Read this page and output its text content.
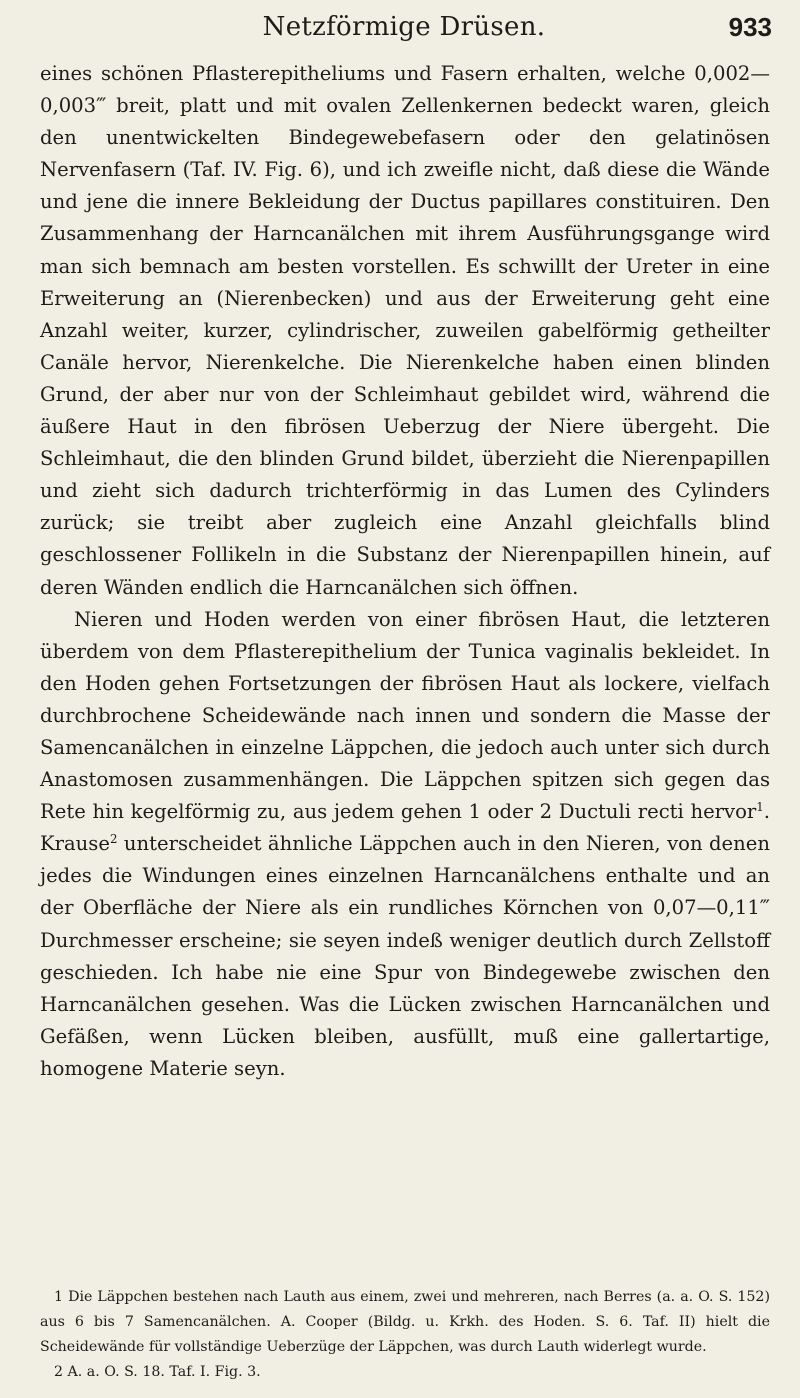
Netzförmige Drüsen.	933

eines schönen Pflasterepitheliums und Fasern erhalten, welche 0,002—0,003‴ breit, platt und mit ovalen Zellenkernen bedeckt waren, gleich den unentwickelten Bindegewebefasern oder den gelatinösen Nervenfasern (Taf. IV. Fig. 6), und ich zweifle nicht, daß diese die Wände und jene die innere Bekleidung der Ductus papillares constituiren. Den Zusammenhang der Harncanälchen mit ihrem Ausführungsgange wird man sich bemnach am besten vorstellen. Es schwillt der Ureter in eine Erweiterung an (Nierenbecken) und aus der Erweiterung geht eine Anzahl weiter, kurzer, cylindrischer, zuweilen gabelförmig getheilter Canäle hervor, Nierenkelche. Die Nierenkelche haben einen blinden Grund, der aber nur von der Schleimhaut gebildet wird, während die äußere Haut in den fibrösen Ueberzug der Niere übergeht. Die Schleimhaut, die den blinden Grund bildet, überzieht die Nierenpapillen und zieht sich dadurch trichterförmig in das Lumen des Cylinders zurück; sie treibt aber zugleich eine Anzahl gleichfalls blind geschlossener Follikeln in die Substanz der Nierenpapillen hinein, auf deren Wänden endlich die Harncanälchen sich öffnen.

Nieren und Hoden werden von einer fibrösen Haut, die letzteren überdem von dem Pflasterepithelium der Tunica vaginalis bekleidet. In den Hoden gehen Fortsetzungen der fibrösen Haut als lockere, vielfach durchbrochene Scheidewände nach innen und sondern die Masse der Samencanälchen in einzelne Läppchen, die jedoch auch unter sich durch Anastomosen zusammenhängen. Die Läppchen spitzen sich gegen das Rete hin kegelförmig zu, aus jedem gehen 1 oder 2 Ductuli recti hervor$^1$. Krause$^2$ unterscheidet ähnliche Läppchen auch in den Nieren, von denen jedes die Windungen eines einzelnen Harncanälchens enthalte und an der Oberfläche der Niere als ein rundliches Körnchen von 0,07—0,11‴ Durchmesser erscheine; sie seyen indeß weniger deutlich durch Zellstoff geschieden. Ich habe nie eine Spur von Bindegewebe zwischen den Harncanälchen gesehen. Was die Lücken zwischen Harncanälchen und Gefäßen, wenn Lücken bleiben, ausfüllt, muß eine gallertartige, homogene Materie seyn.

1 Die Läppchen bestehen nach Lauth aus einem, zwei und mehreren, nach Berres (a. a. O. S. 152) aus 6 bis 7 Samencanälchen. A. Cooper (Bildg. u. Krkh. des Hoden. S. 6. Taf. II) hielt die Scheidewände für vollständige Ueberzüge der Läppchen, was durch Lauth widerlegt wurde.

2 A. a. O. S. 18. Taf. I. Fig. 3.
